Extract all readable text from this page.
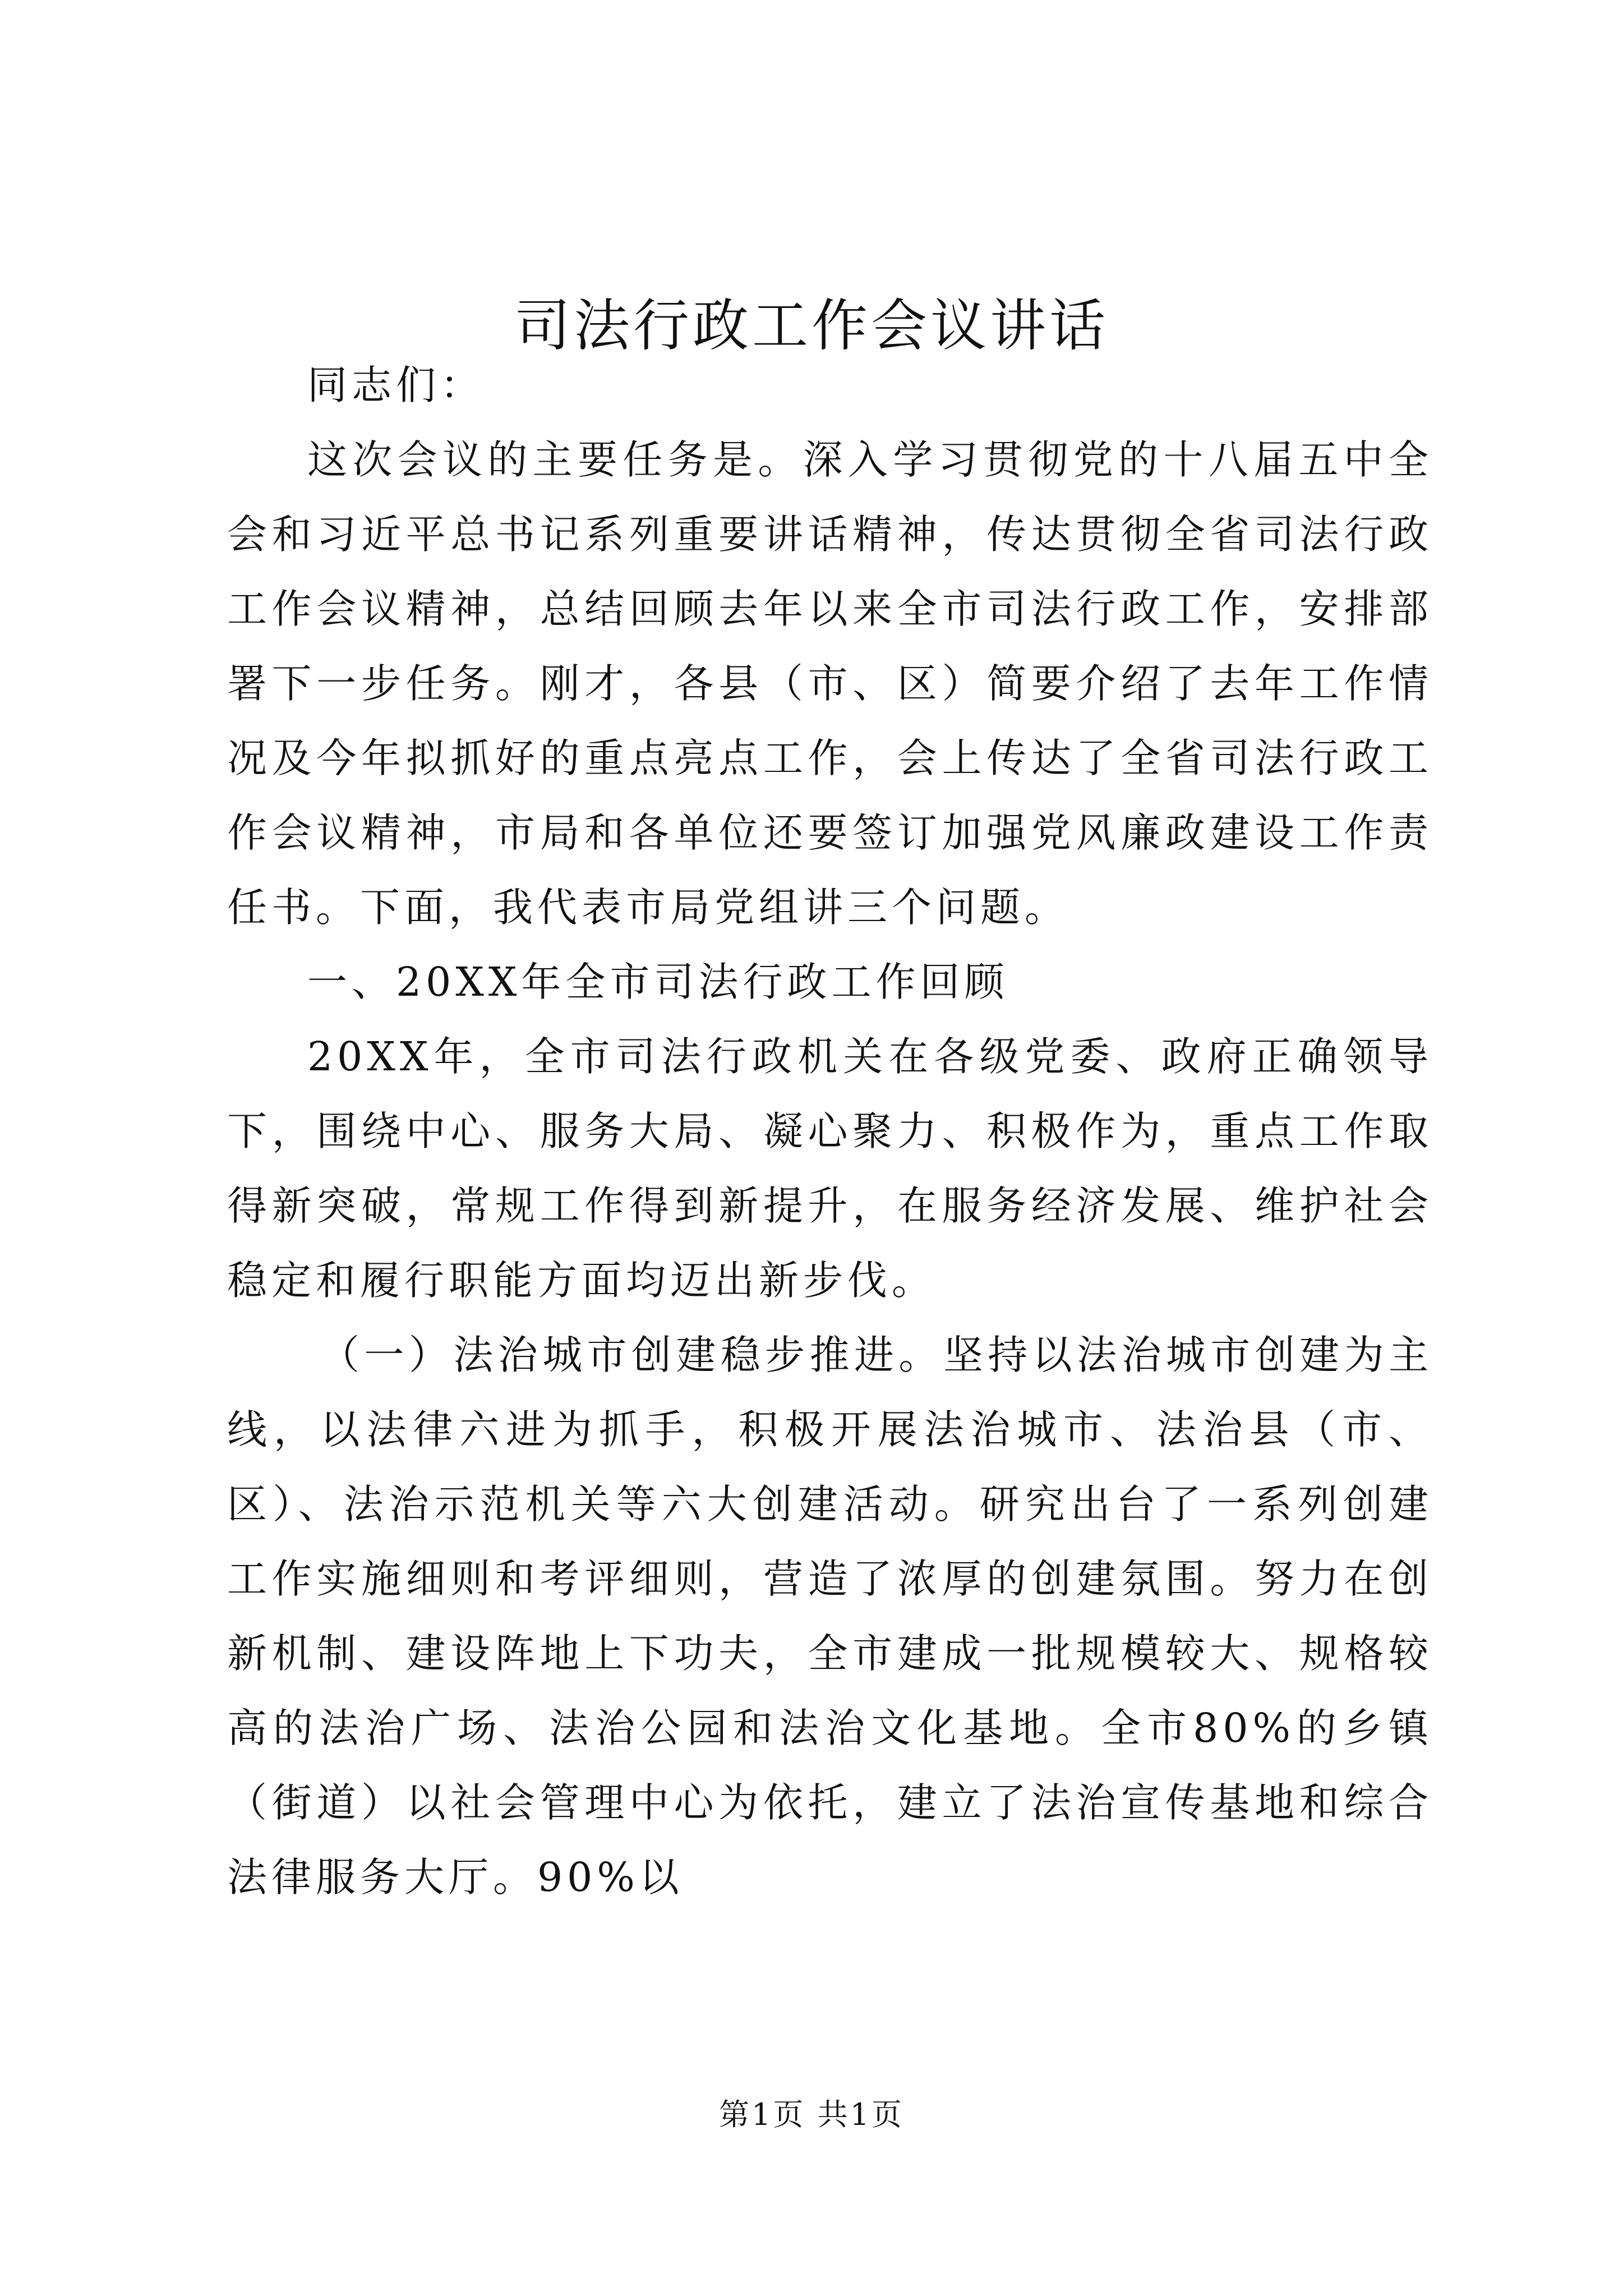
司法行政工作会议讲话

同志们：

这次会议的主要任务是。深入学习贯彻党的十八届五中全会和习近平总书记系列重要讲话精神，传达贯彻全省司法行政工作会议精神，总结回顾去年以来全市司法行政工作，安排部署下一步任务。刚才，各县（市、区）简要介绍了去年工作情况及今年拟抓好的重点亮点工作，会上传达了全省司法行政工作会议精神，市局和各单位还要签订加强党风廉政建设工作责任书。下面，我代表市局党组讲三个问题。

一、20XX年全市司法行政工作回顾

20XX年，全市司法行政机关在各级党委、政府正确领导下，围绕中心、服务大局、凝心聚力、积极作为，重点工作取得新突破，常规工作得到新提升，在服务经济发展、维护社会稳定和履行职能方面均迈出新步伐。

（一）法治城市创建稳步推进。坚持以法治城市创建为主线，以法律六进为抓手，积极开展法治城市、法治县（市、区）、法治示范机关等六大创建活动。研究出台了一系列创建工作实施细则和考评细则，营造了浓厚的创建氛围。努力在创新机制、建设阵地上下功夫，全市建成一批规模较大、规格较高的法治广场、法治公园和法治文化基地。全市80%的乡镇（街道）以社会管理中心为依托，建立了法治宣传基地和综合法律服务大厅。90%以

第1页 共1页
